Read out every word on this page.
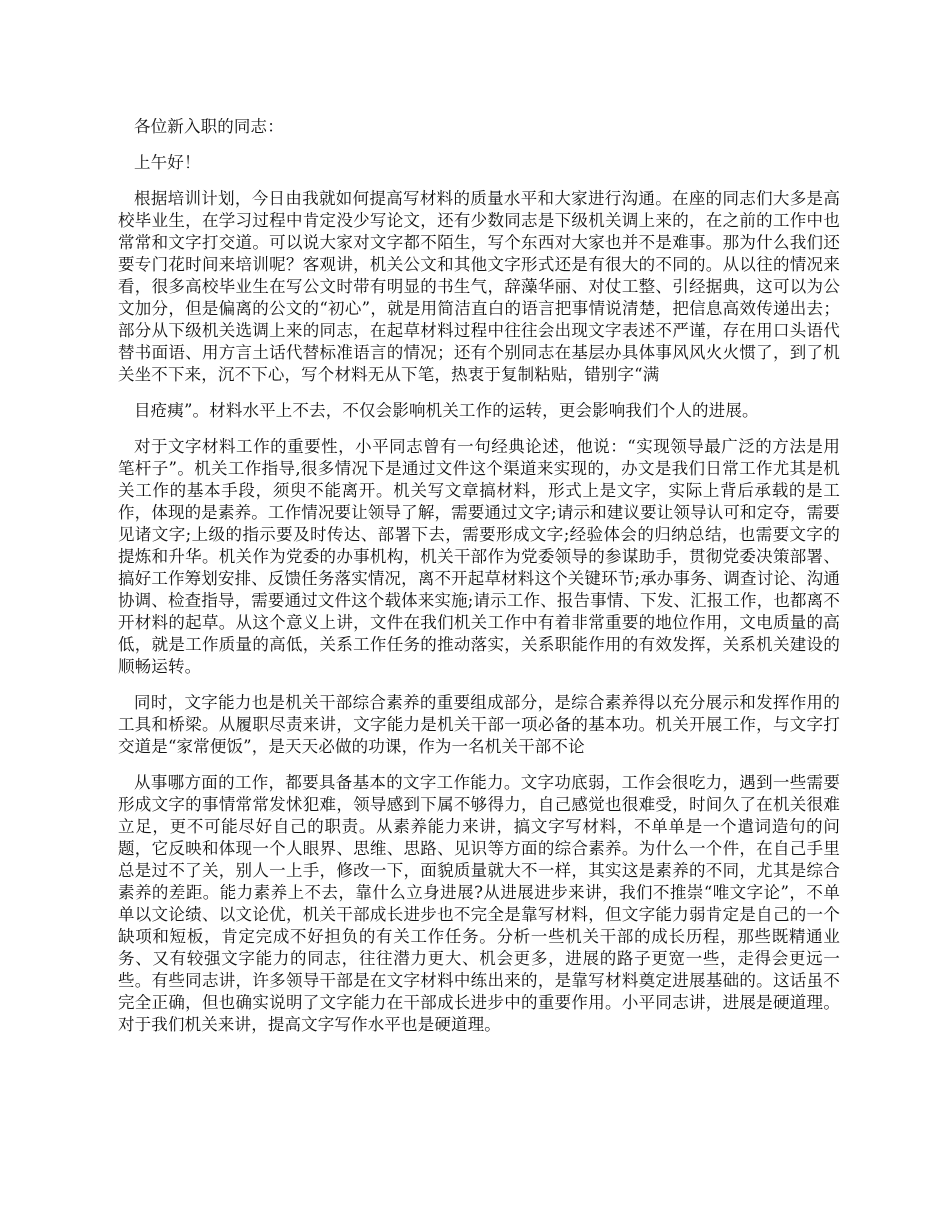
各位新入职的同志：

上午好！

根据培训计划，今日由我就如何提高写材料的质量水平和大家进行沟通。在座的同志们大多是高校毕业生，在学习过程中肯定没少写论文，还有少数同志是下级机关调上来的，在之前的工作中也常常和文字打交道。可以说大家对文字都不陌生，写个东西对大家也并不是难事。那为什么我们还要专门花时间来培训呢？客观讲，机关公文和其他文字形式还是有很大的不同的。从以往的情况来看，很多高校毕业生在写公文时带有明显的书生气，辞藻华丽、对仗工整、引经据典，这可以为公文加分，但是偏离的公文的“初心”，就是用简洁直白的语言把事情说清楚，把信息高效传递出去；部分从下级机关选调上来的同志，在起草材料过程中往往会出现文字表述不严谨，存在用口头语代替书面语、用方言土话代替标准语言的情况；还有个别同志在基层办具体事风风火火惯了，到了机关坐不下来，沉不下心，写个材料无从下笔，热衷于复制粘贴，错别字“满

目疮痍”。材料水平上不去，不仅会影响机关工作的运转，更会影响我们个人的进展。

对于文字材料工作的重要性，小平同志曾有一句经典论述，他说：“实现领导最广泛的方法是用笔杆子”。机关工作指导,很多情况下是通过文件这个渠道来实现的，办文是我们日常工作尤其是机关工作的基本手段，须臾不能离开。机关写文章搞材料，形式上是文字，实际上背后承载的是工作，体现的是素养。工作情况要让领导了解，需要通过文字;请示和建议要让领导认可和定夺，需要见诸文字;上级的指示要及时传达、部署下去，需要形成文字;经验体会的归纳总结，也需要文字的提炼和升华。机关作为党委的办事机构，机关干部作为党委领导的参谋助手，贯彻党委决策部署、搞好工作筹划安排、反馈任务落实情况，离不开起草材料这个关键环节;承办事务、调查讨论、沟通协调、检查指导，需要通过文件这个载体来实施;请示工作、报告事情、下发、汇报工作，也都离不开材料的起草。从这个意义上讲，文件在我们机关工作中有着非常重要的地位作用，文电质量的高低，就是工作质量的高低，关系工作任务的推动落实，关系职能作用的有效发挥，关系机关建设的顺畅运转。

同时，文字能力也是机关干部综合素养的重要组成部分，是综合素养得以充分展示和发挥作用的工具和桥梁。从履职尽责来讲，文字能力是机关干部一项必备的基本功。机关开展工作，与文字打交道是“家常便饭”，是天天必做的功课，作为一名机关干部不论

从事哪方面的工作，都要具备基本的文字工作能力。文字功底弱，工作会很吃力，遇到一些需要形成文字的事情常常发怵犯难，领导感到下属不够得力，自己感觉也很难受，时间久了在机关很难立足，更不可能尽好自己的职责。从素养能力来讲，搞文字写材料，不单单是一个遣词造句的问题，它反映和体现一个人眼界、思维、思路、见识等方面的综合素养。为什么一个件，在自己手里总是过不了关，别人一上手，修改一下，面貌质量就大不一样，其实这是素养的不同，尤其是综合素养的差距。能力素养上不去，靠什么立身进展?从进展进步来讲，我们不推崇“唯文字论”，不单单以文论绩、以文论优，机关干部成长进步也不完全是靠写材料，但文字能力弱肯定是自己的一个缺项和短板，肯定完成不好担负的有关工作任务。分析一些机关干部的成长历程，那些既精通业务、又有较强文字能力的同志，往往潜力更大、机会更多，进展的路子更宽一些，走得会更远一些。有些同志讲，许多领导干部是在文字材料中练出来的，是靠写材料奠定进展基础的。这话虽不完全正确，但也确实说明了文字能力在干部成长进步中的重要作用。小平同志讲，进展是硬道理。对于我们机关来讲，提高文字写作水平也是硬道理。
